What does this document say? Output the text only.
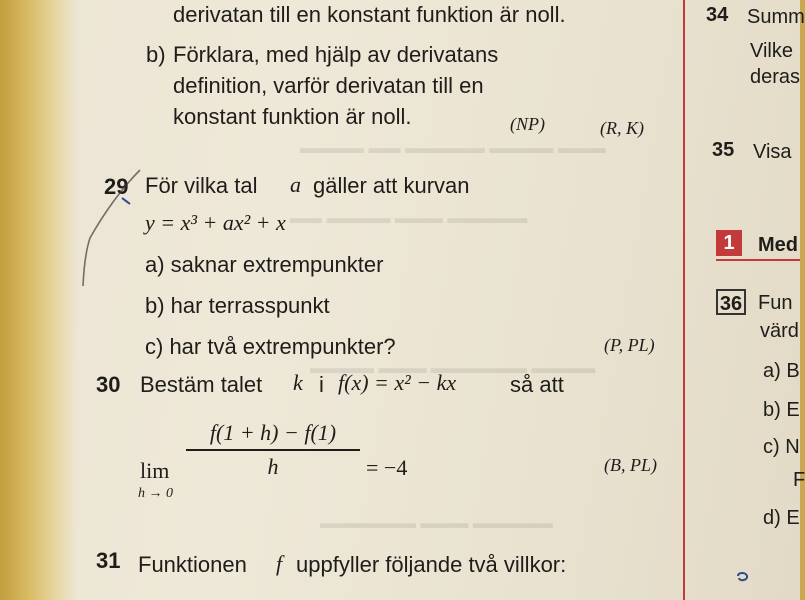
▬▬▬ ▬▬▬▬ ▬▬▬▬▬ ▬▬ ▬▬▬▬
▬▬▬▬▬ ▬▬▬ ▬▬▬▬ ▬▬
▬▬▬▬ ▬▬▬▬▬▬ ▬▬▬ ▬▬▬▬
▬▬▬▬▬ ▬▬▬ ▬▬▬▬▬▬
derivatan till en konstant funktion är noll.
b) Förklara, med hjälp av derivatans
definition, varför derivatan till en
konstant funktion är noll.	(NP)	(R, K)
29 För vilka tal a gäller att kurvan
y = x³ + ax² + x
a) saknar extrempunkter
b) har terrasspunkt
c) har två extrempunkter?	(P, PL)
30 Bestäm talet k i f(x) = x² − kx så att
lim
h → 0
f(1 + h) − f(1)
h	= −4	(B, PL)
31 Funktionen f uppfyller följande två villkor:
34 Summ
Vilke
deras
35 Visa
1	Med
36 Fun
värd
a) B
b) E
c) N
F
d) E
